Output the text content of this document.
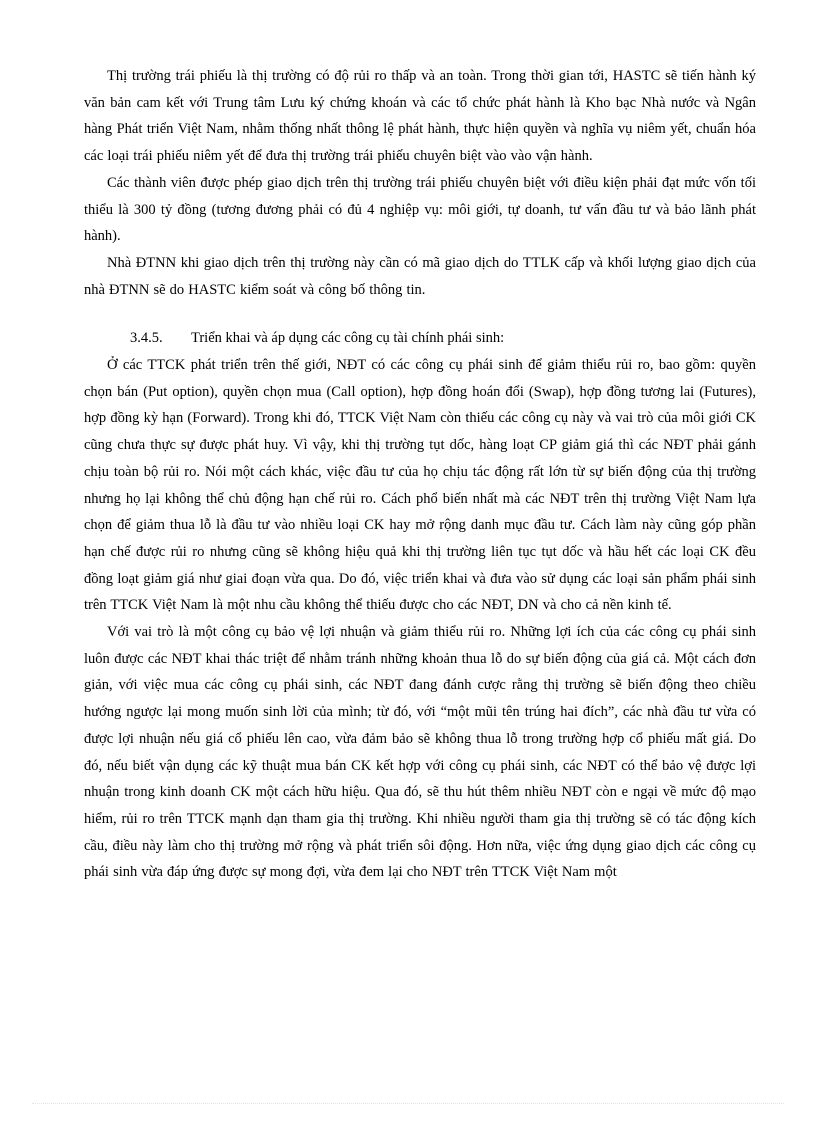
Thị trường trái phiếu là thị trường có độ rủi ro thấp và an toàn. Trong thời gian tới, HASTC sẽ tiến hành ký văn bản cam kết với Trung tâm Lưu ký chứng khoán và các tổ chức phát hành là Kho bạc Nhà nước và Ngân hàng Phát triển Việt Nam, nhằm thống nhất thông lệ phát hành, thực hiện quyền và nghĩa vụ niêm yết, chuẩn hóa các loại trái phiếu niêm yết để đưa thị trường trái phiếu chuyên biệt vào vào vận hành.

Các thành viên được phép giao dịch trên thị trường trái phiếu chuyên biệt với điều kiện phải đạt mức vốn tối thiểu là 300 tỷ đồng (tương đương phải có đủ 4 nghiệp vụ: môi giới, tự doanh, tư vấn đầu tư và bảo lãnh phát hành).

Nhà ĐTNN khi giao dịch trên thị trường này cần có mã giao dịch do TTLK cấp và khối lượng giao dịch của nhà ĐTNN sẽ do HASTC kiểm soát và công bố thông tin.

3.4.5. Triển khai và áp dụng các công cụ tài chính phái sinh:

Ở các TTCK phát triển trên thế giới, NĐT có các công cụ phái sinh để giảm thiểu rủi ro, bao gồm: quyền chọn bán (Put option), quyền chọn mua (Call option), hợp đồng hoán đổi (Swap), hợp đồng tương lai (Futures), hợp đồng kỳ hạn (Forward). Trong khi đó, TTCK Việt Nam còn thiếu các công cụ này và vai trò của môi giới CK cũng chưa thực sự được phát huy. Vì vậy, khi thị trường tụt dốc, hàng loạt CP giảm giá thì các NĐT phải gánh chịu toàn bộ rủi ro. Nói một cách khác, việc đầu tư của họ chịu tác động rất lớn từ sự biến động của thị trường nhưng họ lại không thể chủ động hạn chế rủi ro. Cách phổ biến nhất mà các NĐT trên thị trường Việt Nam lựa chọn để giảm thua lỗ là đầu tư vào nhiều loại CK hay mở rộng danh mục đầu tư. Cách làm này cũng góp phần hạn chế được rủi ro nhưng cũng sẽ không hiệu quả khi thị trường liên tục tụt dốc và hầu hết các loại CK đều đồng loạt giảm giá như giai đoạn vừa qua. Do đó, việc triển khai và đưa vào sử dụng các loại sản phẩm phái sinh trên TTCK Việt Nam là một nhu cầu không thể thiếu được cho các NĐT, DN và cho cả nền kinh tế.

Với vai trò là một công cụ bảo vệ lợi nhuận và giảm thiểu rủi ro. Những lợi ích của các công cụ phái sinh luôn được các NĐT khai thác triệt để nhằm tránh những khoản thua lỗ do sự biến động của giá cả. Một cách đơn giản, với việc mua các công cụ phái sinh, các NĐT đang đánh cược rằng thị trường sẽ biến động theo chiều hướng ngược lại mong muốn sinh lời của mình; từ đó, với “một mũi tên trúng hai đích”, các nhà đầu tư vừa có được lợi nhuận nếu giá cổ phiếu lên cao, vừa đảm bảo sẽ không thua lỗ trong trường hợp cổ phiếu mất giá. Do đó, nếu biết vận dụng các kỹ thuật mua bán CK kết hợp với công cụ phái sinh, các NĐT có thể bảo vệ được lợi nhuận trong kinh doanh CK một cách hữu hiệu. Qua đó, sẽ thu hút thêm nhiều NĐT còn e ngại về mức độ mạo hiểm, rủi ro trên TTCK mạnh dạn tham gia thị trường. Khi nhiều người tham gia thị trường sẽ có tác động kích cầu, điều này làm cho thị trường mở rộng và phát triển sôi động. Hơn nữa, việc ứng dụng giao dịch các công cụ phái sinh vừa đáp ứng được sự mong đợi, vừa đem lại cho NĐT trên TTCK Việt Nam một
